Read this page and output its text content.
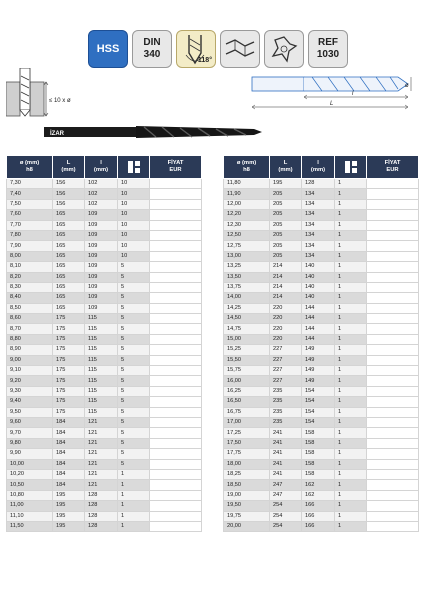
HSS
DIN
340
118°
REF
1030
≤ 10 x ø
İZAR
ø
l
L
ø (mm)
h8	L
(mm)	l
(mm)		FİYAT
EUR
7,30	156	102	10	
7,40	156	102	10	
7,50	156	102	10	
7,60	165	109	10	
7,70	165	109	10	
7,80	165	109	10	
7,90	165	109	10	
8,00	165	109	10	
8,10	165	109	5	
8,20	165	109	5	
8,30	165	109	5	
8,40	165	109	5	
8,50	165	109	5	
8,60	175	115	5	
8,70	175	115	5	
8,80	175	115	5	
8,90	175	115	5	
9,00	175	115	5	
9,10	175	115	5	
9,20	175	115	5	
9,30	175	115	5	
9,40	175	115	5	
9,50	175	115	5	
9,60	184	121	5	
9,70	184	121	5	
9,80	184	121	5	
9,90	184	121	5	
10,00	184	121	5	
10,20	184	121	1	
10,50	184	121	1	
10,80	195	128	1	
11,00	195	128	1	
11,10	195	128	1	
11,50	195	128	1	
ø (mm)
h8	L
(mm)	l
(mm)		FİYAT
EUR
11,80	195	128	1	
11,90	205	134	1	
12,00	205	134	1	
12,20	205	134	1	
12,30	205	134	1	
12,50	205	134	1	
12,75	205	134	1	
13,00	205	134	1	
13,25	214	140	1	
13,50	214	140	1	
13,75	214	140	1	
14,00	214	140	1	
14,25	220	144	1	
14,50	220	144	1	
14,75	220	144	1	
15,00	220	144	1	
15,25	227	149	1	
15,50	227	149	1	
15,75	227	149	1	
16,00	227	149	1	
16,25	235	154	1	
16,50	235	154	1	
16,75	235	154	1	
17,00	235	154	1	
17,25	241	158	1	
17,50	241	158	1	
17,75	241	158	1	
18,00	241	158	1	
18,25	241	158	1	
18,50	247	162	1	
19,00	247	162	1	
19,50	254	166	1	
19,75	254	166	1	
20,00	254	166	1	
